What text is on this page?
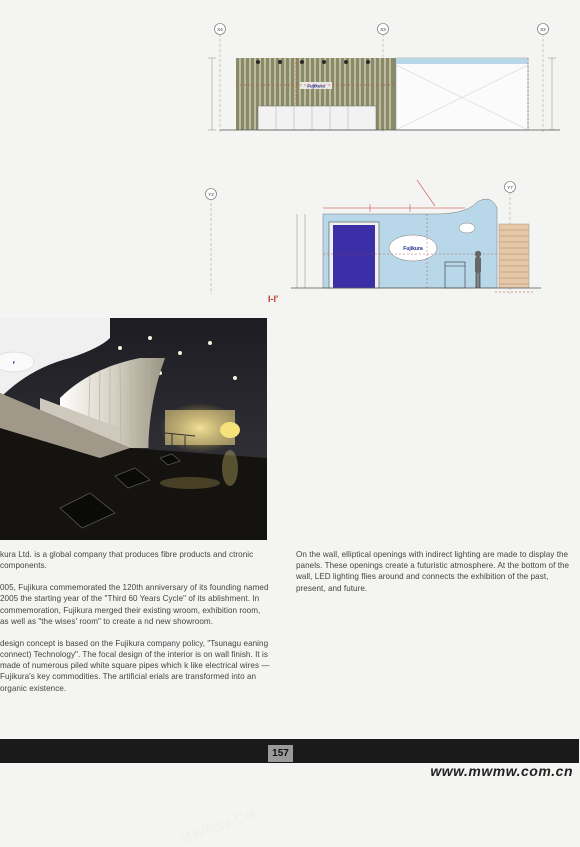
X4	X3	X2
Fujikura
Y2
Y7
Fujikura
I-I'
F
MWMW.CN

kura Ltd. is a global company that produces fibre products and ctronic components.

005, Fujikura commemorated the 120th anniversary of its founding named 2005 the starting year of the "Third 60 Years Cycle" of its ablishment. In commemoration, Fujikura merged their existing wroom, exhibition room, as well as "the wises' room" to create a nd new showroom.

design concept is based on the Fujikura company policy, "Tsunagu eaning connect) Technology". The focal design of the interior is on wall finish. It is made of numerous piled white square pipes which k like electrical wires — Fujikura's key commodities. The artificial erials are transformed into an organic existence.

On the wall, elliptical openings with indirect lighting are made to display the panels. These openings create a futuristic atmosphere. At the bottom of the wall, LED lighting flies around and connects the exhibition of the past, present, and future.

157
www.mwmw.com.cn
